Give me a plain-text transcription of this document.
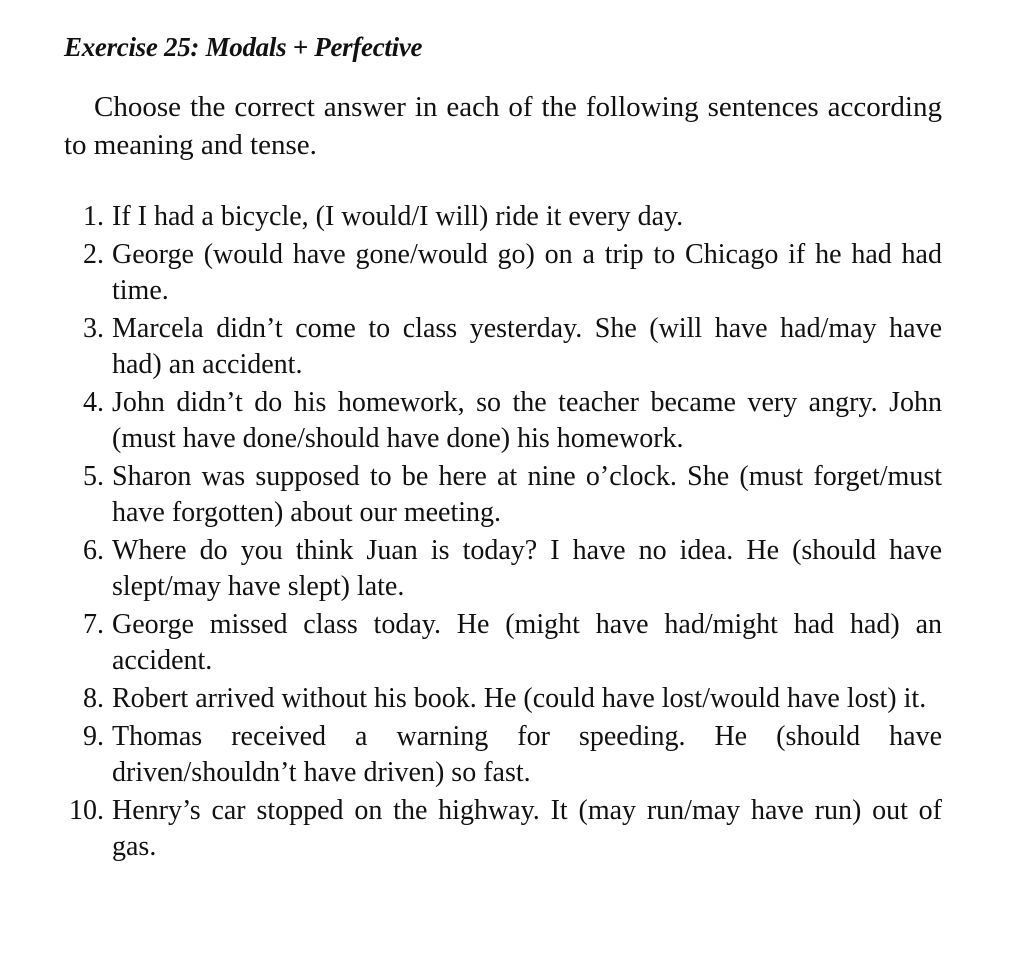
Exercise 25: Modals + Perfective
Choose the correct answer in each of the following sentences according to meaning and tense.
1. If I had a bicycle, (I would/I will) ride it every day.
2. George (would have gone/would go) on a trip to Chicago if he had had time.
3. Marcela didn’t come to class yesterday. She (will have had/may have had) an accident.
4. John didn’t do his homework, so the teacher became very angry. John (must have done/should have done) his homework.
5. Sharon was supposed to be here at nine o’clock. She (must forget/must have forgotten) about our meeting.
6. Where do you think Juan is today? I have no idea. He (should have slept/may have slept) late.
7. George missed class today. He (might have had/might had had) an accident.
8. Robert arrived without his book. He (could have lost/would have lost) it.
9. Thomas received a warning for speeding. He (should have driven/shouldn’t have driven) so fast.
10. Henry’s car stopped on the highway. It (may run/may have run) out of gas.
